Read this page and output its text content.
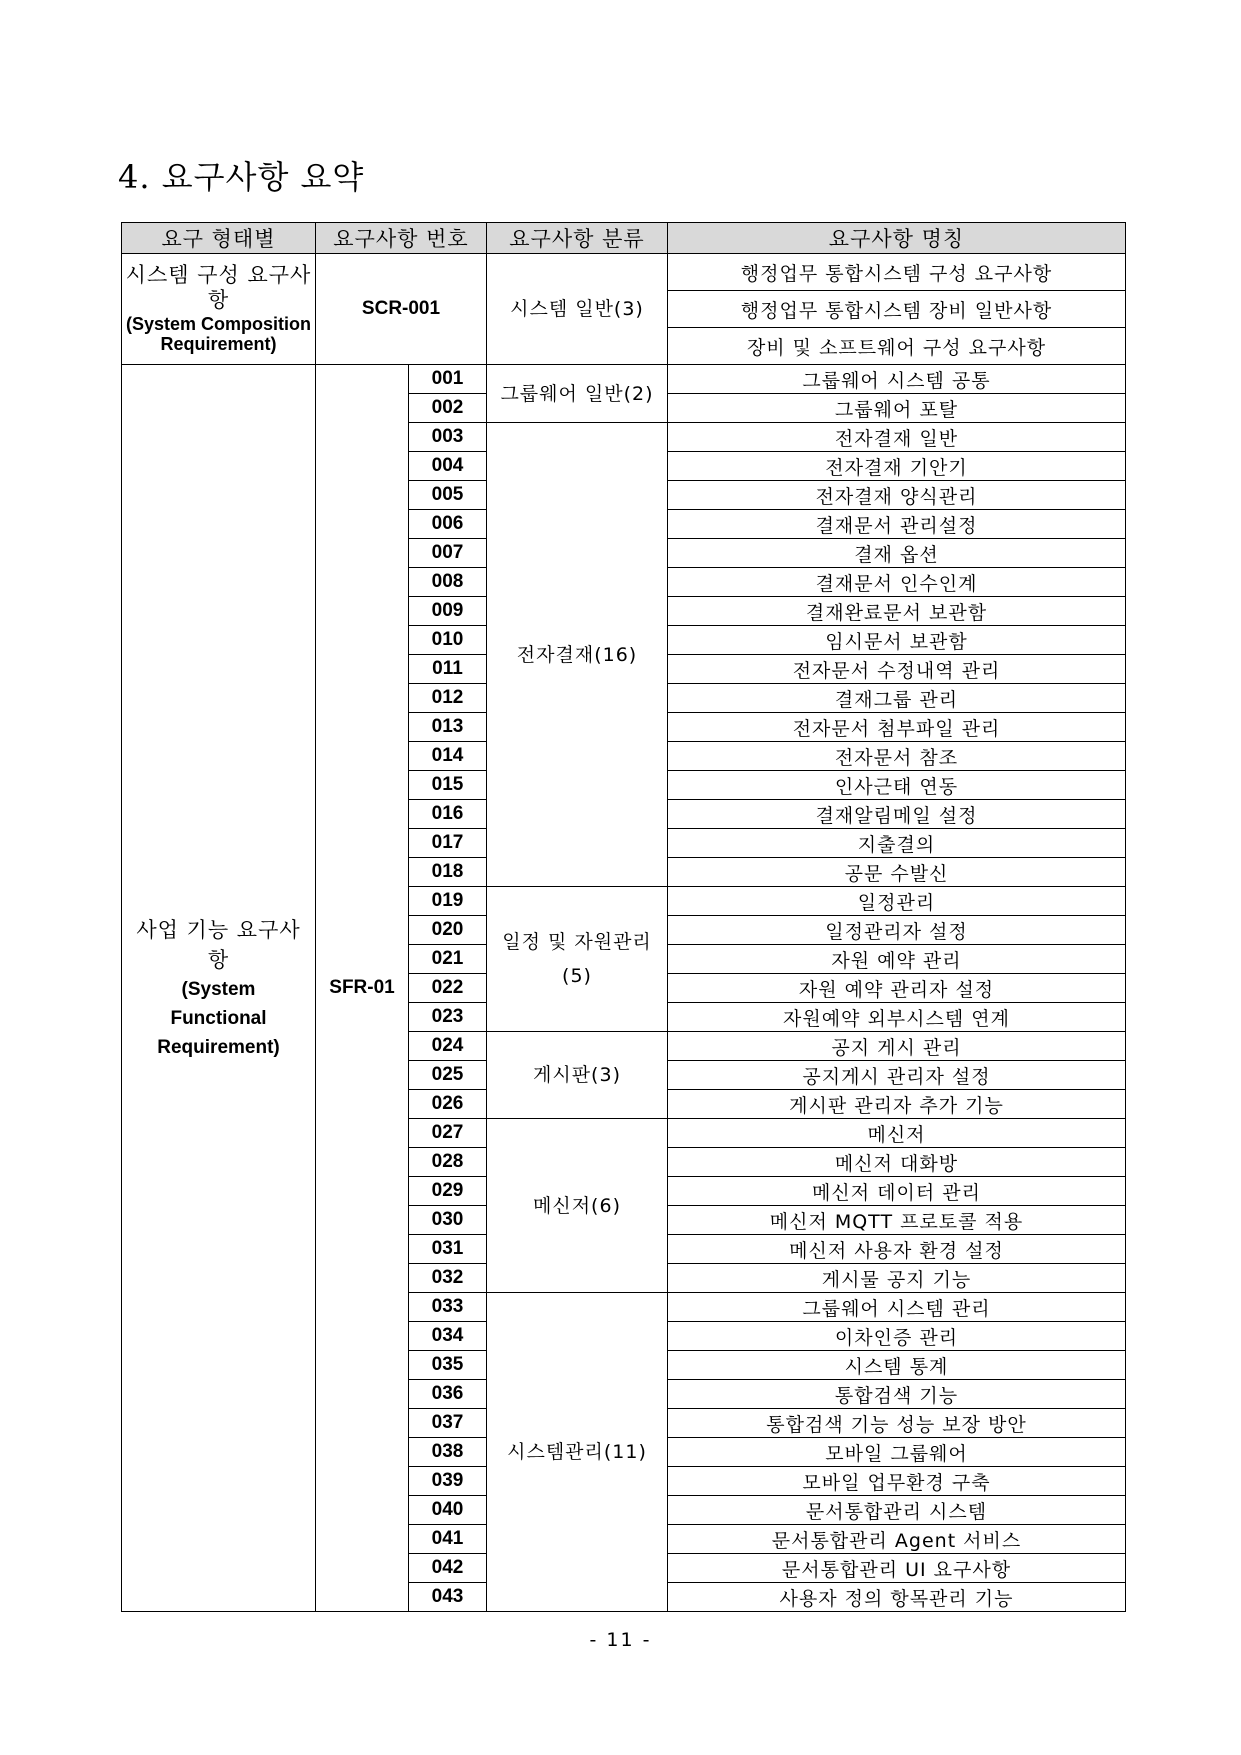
4. 요구사항 요약
요구 형태별	요구사항 번호		요구사항 분류	요구사항 명칭

시스템 구성 요구사항
(System Composition Requirement)	SCR-001		시스템 일반(3)	행정업무 통합시스템 구성 요구사항
				행정업무 통합시스템 장비 일반사항
				장비 및 소프트웨어 구성 요구사항

사업 기능 요구사항
(System Functional Requirement)	SFR-01	001	그룹웨어 일반(2)	그룹웨어 시스템 공통
		002		그룹웨어 포탈
		003	전자결재(16)	전자결재 일반
		004		전자결재 기안기
		005		전자결재 양식관리
		006		결재문서 관리설정
		007		결재 옵션
		008		결재문서 인수인계
		009		결재완료문서 보관함
		010		임시문서 보관함
		011		전자문서 수정내역 관리
		012		결재그룹 관리
		013		전자문서 첨부파일 관리
		014		전자문서 참조
		015		인사근태 연동
		016		결재알림메일 설정
		017		지출결의
		018		공문 수발신
		019	일정 및 자원관리 (5)	일정관리
		020		일정관리자 설정
		021		자원 예약 관리
		022		자원 예약 관리자 설정
		023		자원예약 외부시스템 연계
		024	게시판(3)	공지 게시 관리
		025		공지게시 관리자 설정
		026		게시판 관리자 추가 기능
		027	메신저(6)	메신저
		028		메신저 대화방
		029		메신저 데이터 관리
		030		메신저 MQTT 프로토콜 적용
		031		메신저 사용자 환경 설정
		032		게시물 공지 기능
		033	시스템관리(11)	그룹웨어 시스템 관리
		034		이차인증 관리
		035		시스템 통계
		036		통합검색 기능
		037		통합검색 기능 성능 보장 방안
		038		모바일 그룹웨어
		039		모바일 업무환경 구축
		040		문서통합관리 시스템
		041		문서통합관리 Agent 서비스
		042		문서통합관리 UI 요구사항
		043		사용자 정의 항목관리 기능
- 11 -
